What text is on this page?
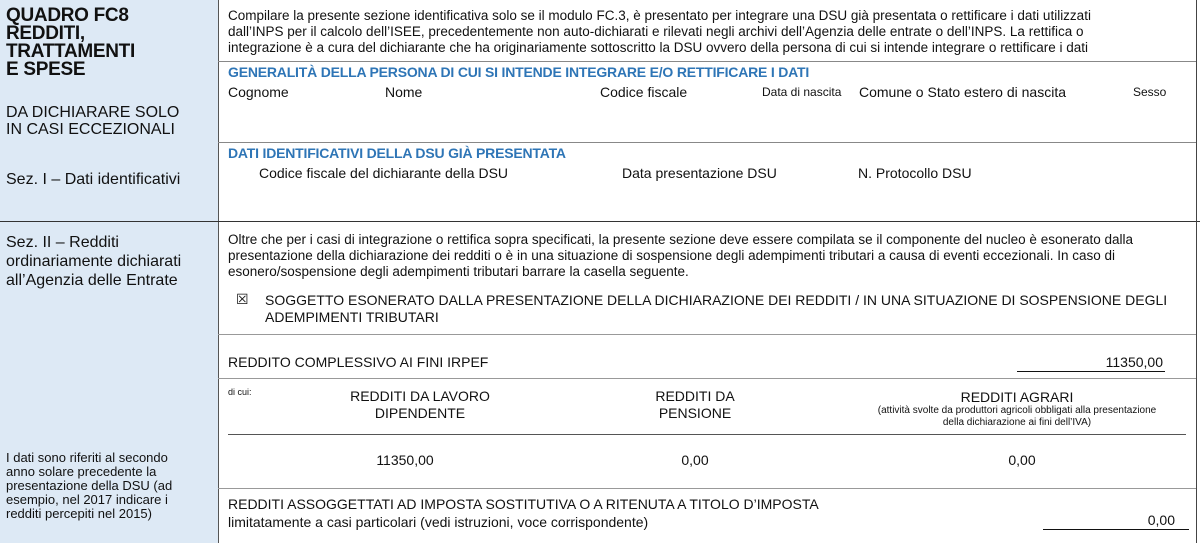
QUADRO FC8
REDDITI,
TRATTAMENTI
E SPESE
DA DICHIARARE SOLO
IN CASI ECCEZIONALI
Sez. I – Dati identificativi
Sez. II – Redditi
ordinariamente dichiarati
all’Agenzia delle Entrate
I dati sono riferiti al secondo
anno solare precedente la
presentazione della DSU (ad
esempio, nel 2017 indicare i
redditi percepiti nel 2015)
Compilare la presente sezione identificativa solo se il modulo FC.3, è presentato per integrare una DSU già presentata o rettificare i dati utilizzati
dall’INPS per il calcolo dell’ISEE, precedentemente non auto-dichiarati e rilevati negli archivi dell’Agenzia delle entrate o dell’INPS. La rettifica o
integrazione è a cura del dichiarante che ha originariamente sottoscritto la DSU ovvero della persona di cui si intende integrare o rettificare i dati
GENERALITÀ DELLA PERSONA DI CUI SI INTENDE INTEGRARE E/O RETTIFICARE I DATI
Cognome	Nome	Codice fiscale	Data di nascita Comune o Stato estero di nascita	Sesso
DATI IDENTIFICATIVI DELLA DSU GIÀ PRESENTATA
Codice fiscale del dichiarante della DSU	Data presentazione DSU	N. Protocollo DSU
Oltre che per i casi di integrazione o rettifica sopra specificati, la presente sezione deve essere compilata se il componente del nucleo è esonerato dalla
presentazione della dichiarazione dei redditi o è in una situazione di sospensione degli adempimenti tributari a causa di eventi eccezionali. In caso di
esonero/sospensione degli adempimenti tributari barrare la casella seguente.
☒ SOGGETTO ESONERATO DALLA PRESENTAZIONE DELLA DICHIARAZIONE DEI REDDITI / IN UNA SITUAZIONE DI SOSPENSIONE DEGLI
ADEMPIMENTI TRIBUTARI
REDDITO COMPLESSIVO AI FINI IRPEF	11350,00
di cui:	REDDITI DA LAVORO
DIPENDENTE
REDDITI DA
PENSIONE
REDDITI AGRARI
(attività svolte da produttori agricoli obbligati alla presentazione
della dichiarazione ai fini dell’IVA)
11350,00	0,00	0,00
REDDITI ASSOGGETTATI AD IMPOSTA SOSTITUTIVA O A RITENUTA A TITOLO D’IMPOSTA
limitatamente a casi particolari (vedi istruzioni, voce corrispondente)	0,00
